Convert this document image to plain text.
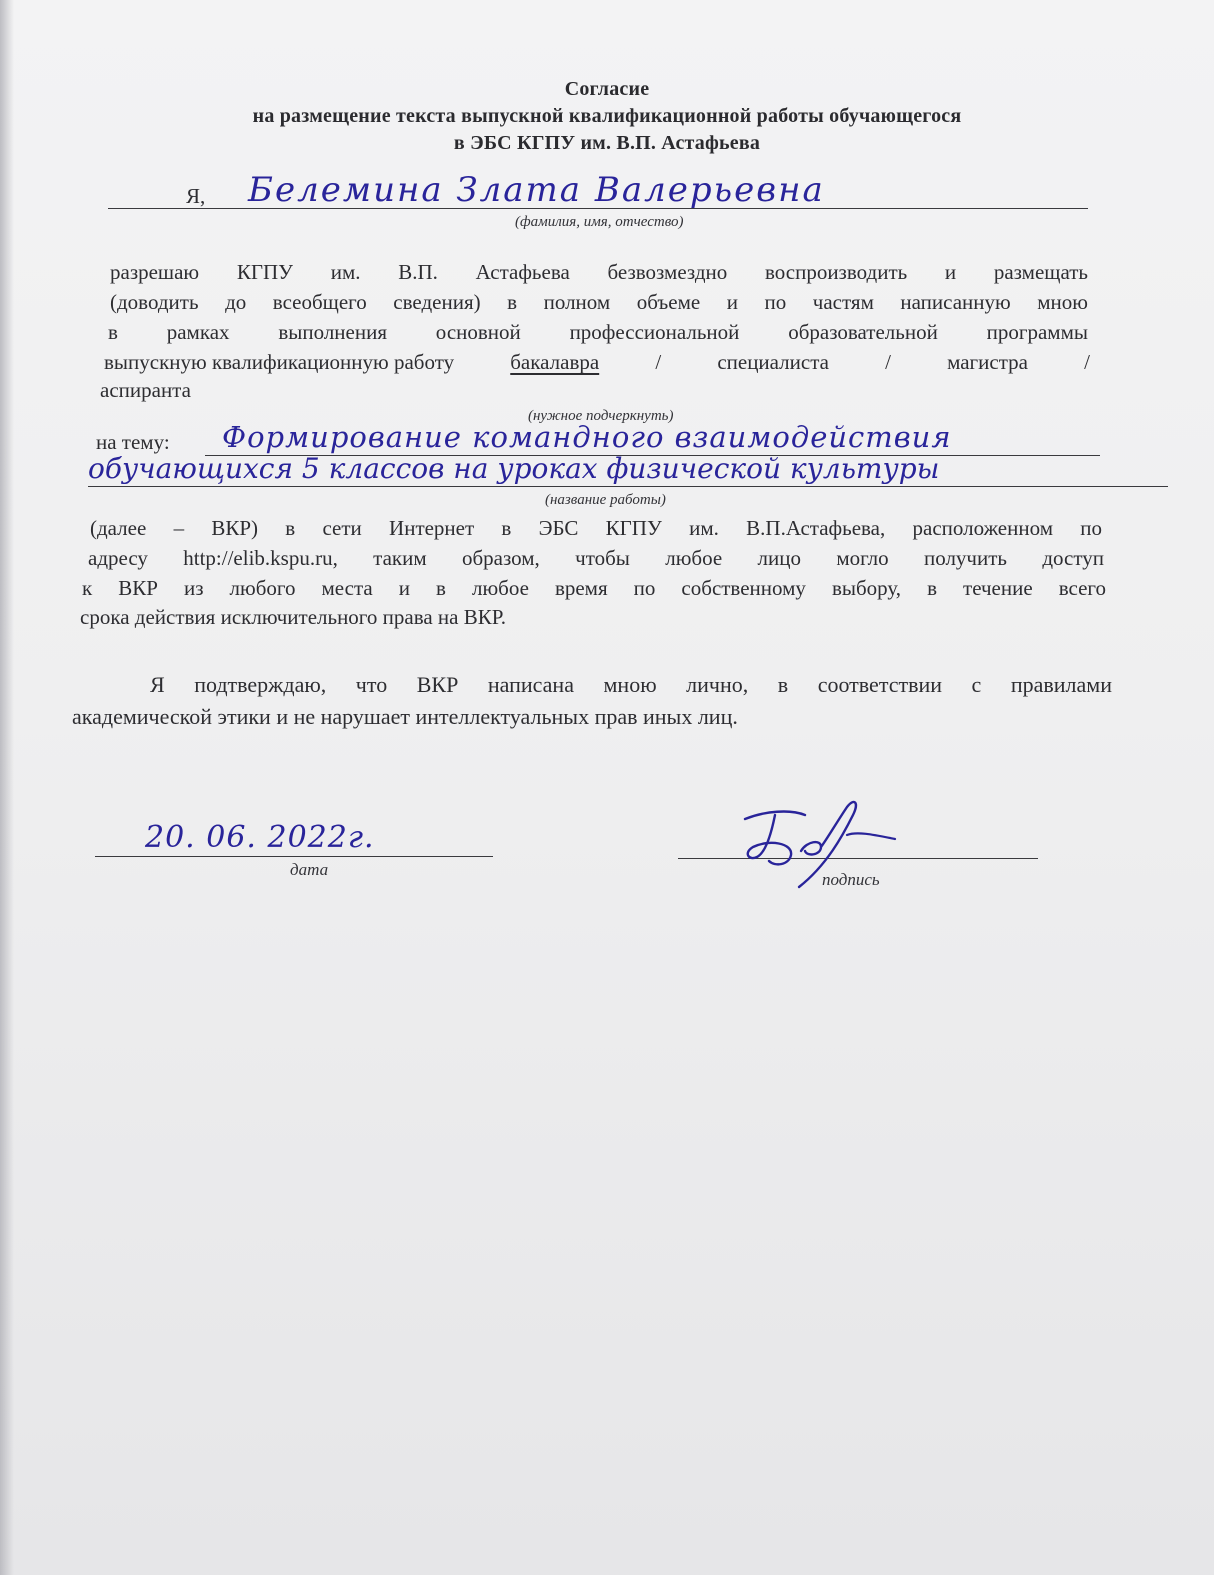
Согласие
на размещение текста выпускной квалификационной работы обучающегося
в ЭБС КГПУ им. В.П. Астафьева
Я, Белемина Злата Валерьевна
(фамилия, имя, отчество)
разрешаю КГПУ им. В.П. Астафьева безвозмездно воспроизводить и размещать
(доводить до всеобщего сведения) в полном объеме и по частям написанную мною
в рамках выполнения основной профессиональной образовательной программы
выпускную квалификационную работу	бакалавра	/	специалиста	/	магистра	/
аспиранта
(нужное подчеркнуть)
на тему: Формирование командного взаимодействия
обучающихся 5 классов на уроках физической культуры
(название работы)
(далее – ВКР) в сети Интернет в ЭБС КГПУ им. В.П.Астафьева, расположенном по
адресу http://elib.kspu.ru, таким образом, чтобы любое лицо могло получить доступ
к ВКР из любого места и в любое время по собственному выбору, в течение всего
срока действия исключительного права на ВКР.
Я подтверждаю, что ВКР написана мною лично, в соответствии с правилами
академической этики и не нарушает интеллектуальных прав иных лиц.
20. 06. 2022г.
дата
подпись
